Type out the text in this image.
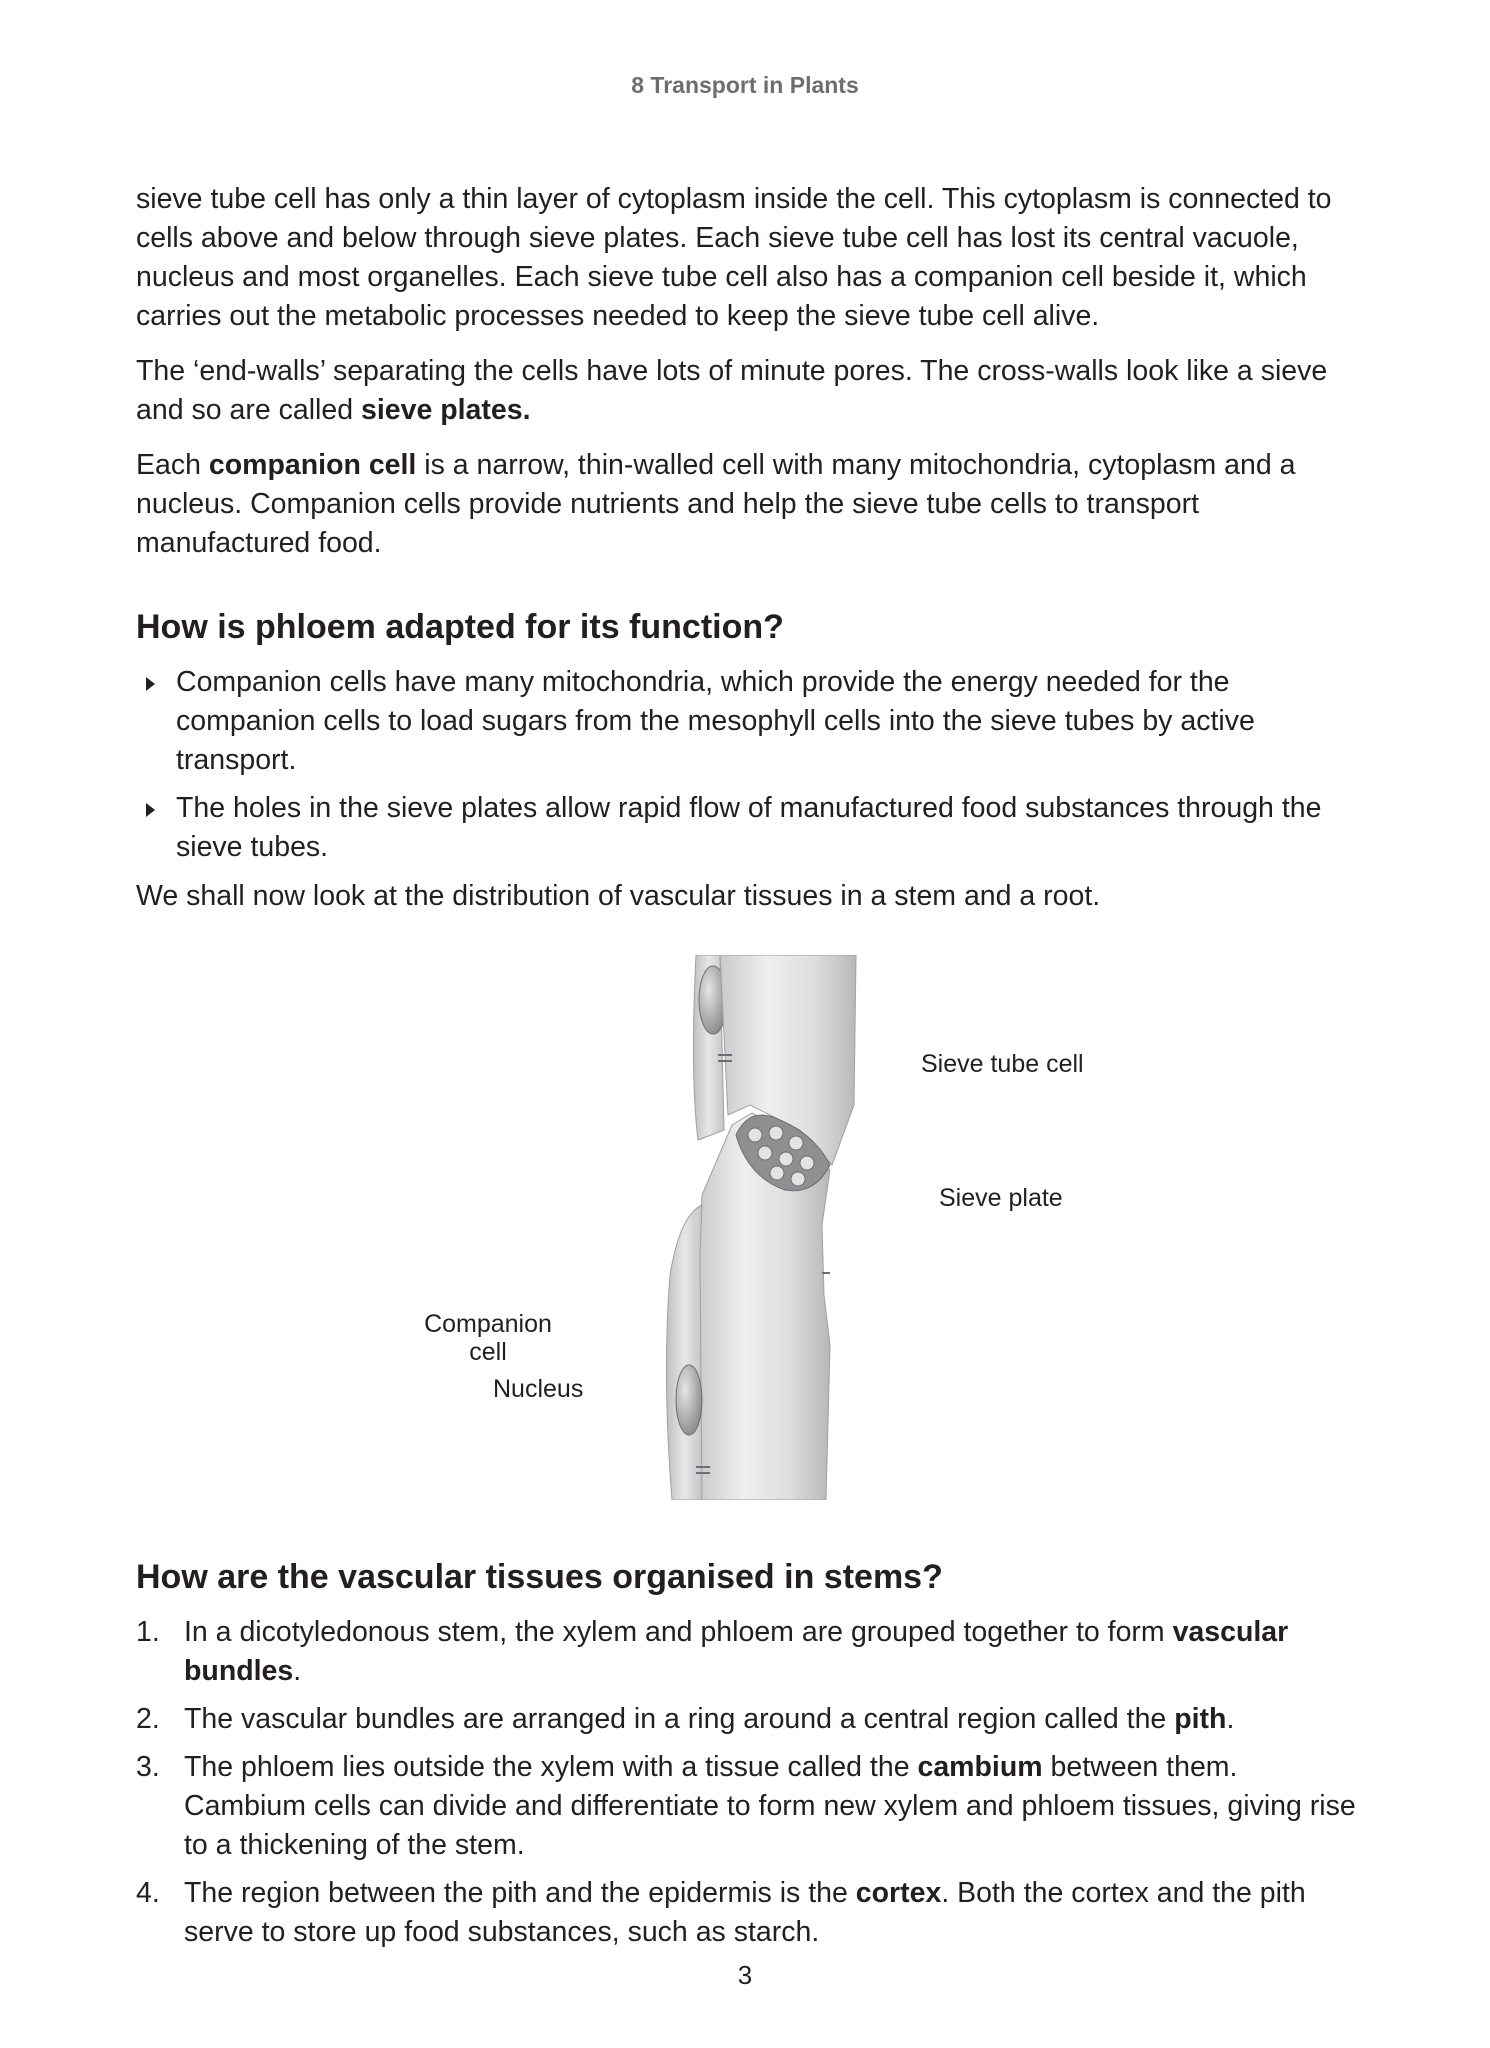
8 Transport in Plants

sieve tube cell has only a thin layer of cytoplasm inside the cell. This cytoplasm is connected to cells above and below through sieve plates. Each sieve tube cell has lost its central vacuole, nucleus and most organelles. Each sieve tube cell also has a companion cell beside it, which carries out the metabolic processes needed to keep the sieve tube cell alive.

The ‘end-walls’ separating the cells have lots of minute pores. The cross-walls look like a sieve and so are called sieve plates.

Each companion cell is a narrow, thin-walled cell with many mitochondria, cytoplasm and a nucleus. Companion cells provide nutrients and help the sieve tube cells to transport manufactured food.

How is phloem adapted for its function?
Companion cells have many mitochondria, which provide the energy needed for the companion cells to load sugars from the mesophyll cells into the sieve tubes by active transport.
The holes in the sieve plates allow rapid flow of manufactured food substances through the sieve tubes.

We shall now look at the distribution of vascular tissues in a stem and a root.

Sieve tube cell
Sieve plate
Companion
cell
Nucleus
How are the vascular tissues organised in stems?
1. In a dicotyledonous stem, the xylem and phloem are grouped together to form vascular bundles.
2. The vascular bundles are arranged in a ring around a central region called the pith.
3. The phloem lies outside the xylem with a tissue called the cambium between them. Cambium cells can divide and differentiate to form new xylem and phloem tissues, giving rise to a thickening of the stem.
4. The region between the pith and the epidermis is the cortex. Both the cortex and the pith serve to store up food substances, such as starch.
3
